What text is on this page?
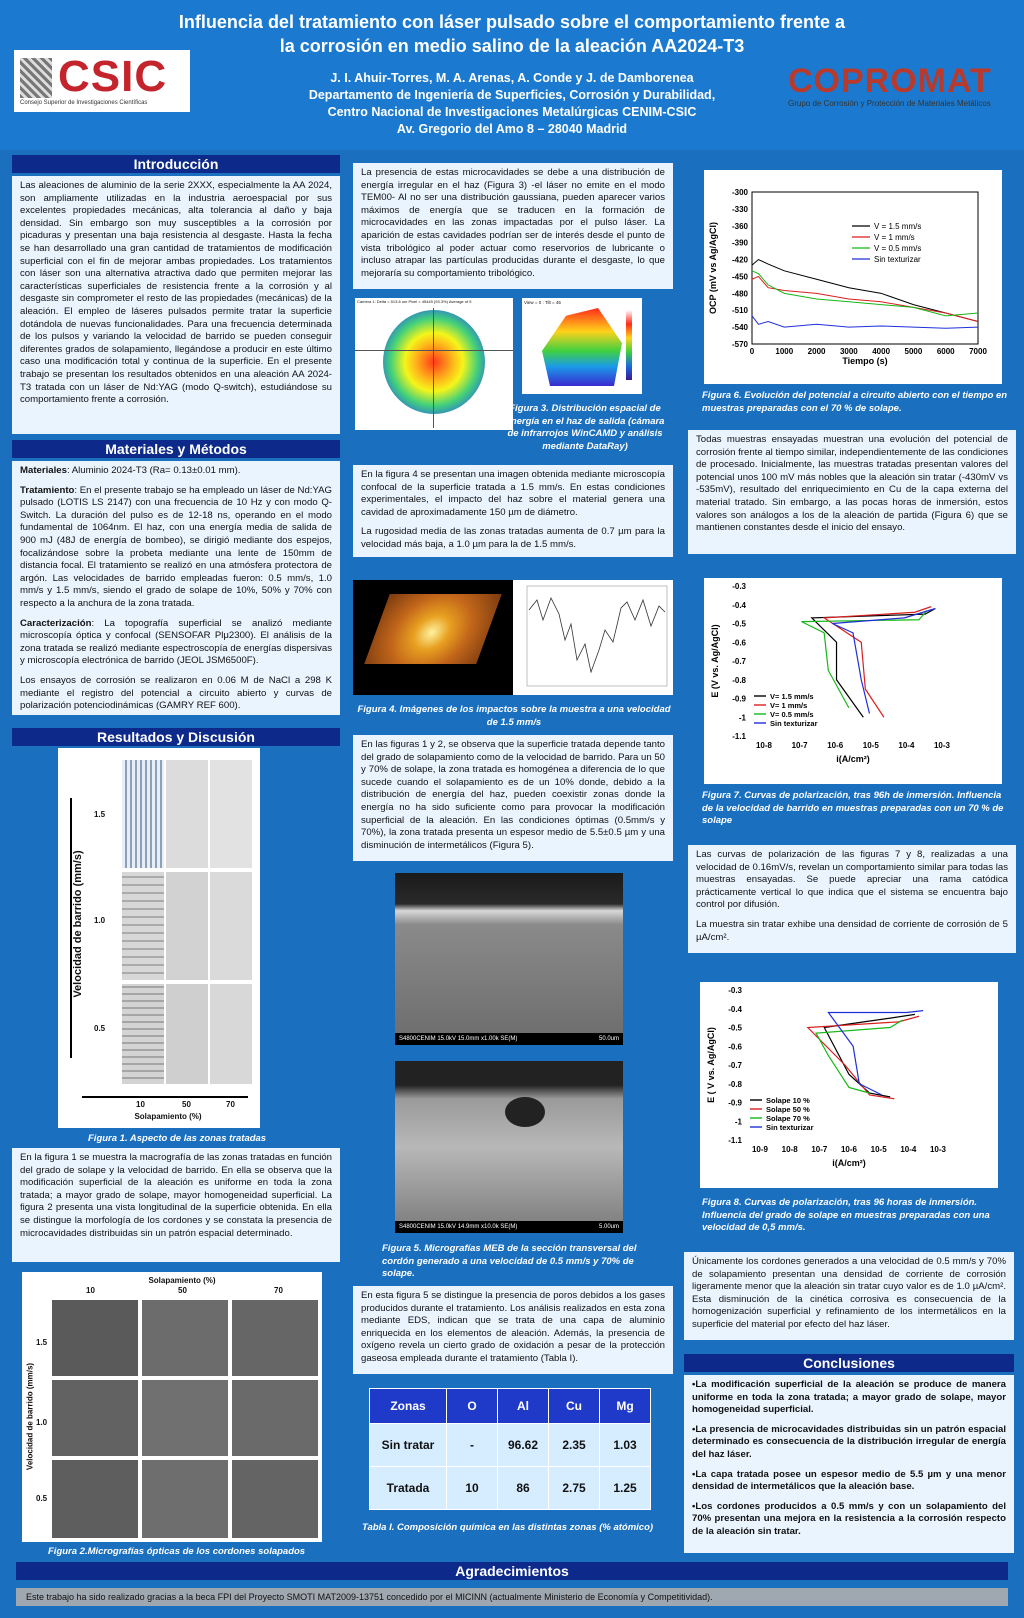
CSIC
Consejo Superior de Investigaciones Científicas
Influencia del tratamiento con láser pulsado sobre el comportamiento frente a
la corrosión en medio salino de la aleación AA2024-T3
J. I. Ahuir-Torres, M. A. Arenas, A. Conde y J. de Damborenea
Departamento de Ingeniería de Superficies, Corrosión y Durabilidad,
Centro Nacional de Investigaciones Metalúrgicas CENIM-CSIC
Av. Gregorio del Amo 8 – 28040 Madrid
COPROMAT
Grupo de Corrosión y Protección de Materiales Metálicos
Introducción

Las aleaciones de aluminio de la serie 2XXX, especialmente la AA 2024, son ampliamente utilizadas en la industria aeroespacial por sus excelentes propiedades mecánicas, alta tolerancia al daño y baja densidad. Sin embargo son muy susceptibles a la corrosión por picaduras y presentan una baja resistencia al desgaste. Hasta la fecha se han desarrollado una gran cantidad de tratamientos de modificación superficial con el fin de mejorar ambas propiedades. Los tratamientos con láser son una alternativa atractiva dado que permiten mejorar las características superficiales de resistencia frente a la corrosión y al desgaste sin comprometer el resto de las propiedades (mecánicas) de la aleación. El empleo de láseres pulsados permite tratar la superficie dotándola de nuevas funcionalidades. Para una frecuencia determinada de los pulsos y variando la velocidad de barrido se pueden conseguir diferentes grados de solapamiento, llegándose a producir en este último caso una modificación total y continua de la superficie. En el presente trabajo se presentan los resultados obtenidos en una aleación AA 2024-T3 tratada con un láser de Nd:YAG (modo Q-switch), estudiándose su comportamiento frente a corrosión.

Materiales y Métodos

Materiales: Aluminio 2024-T3 (Ra= 0.13±0.01 mm).

Tratamiento: En el presente trabajo se ha empleado un láser de Nd:YAG pulsado (LOTIS LS 2147) con una frecuencia de 10 Hz y con modo Q-Switch. La duración del pulso es de 12-18 ns, operando en el modo fundamental de 1064nm. El haz, con una energía media de salida de 900 mJ (48J de energía de bombeo), se dirigió mediante dos espejos, focalizándose sobre la probeta mediante una lente de 150mm de distancia focal. El tratamiento se realizó en una atmósfera protectora de argón. Las velocidades de barrido empleadas fueron: 0.5 mm/s, 1.0 mm/s y 1.5 mm/s, siendo el grado de solape de 10%, 50% y 70% con respecto a la anchura de la zona tratada.

Caracterización: La topografía superficial se analizó mediante microscopía óptica y confocal (SENSOFAR Plμ2300). El análisis de la zona tratada se realizó mediante espectroscopía de energías dispersivas y microscopía electrónica de barrido (JEOL JSM6500F).

Los ensayos de corrosión se realizaron en 0.06 M de NaCl a 298 K mediante el registro del potencial a circuito abierto y curvas de polarización potenciodinámicas (GAMRY REF 600).

Resultados y Discusión
Velocidad de barrido (mm/s)
1.5
1.0
0.5
10	50	70
Solapamiento (%)
Figura 1. Aspecto de las zonas tratadas

En la figura 1 se muestra la macrografía de las zonas tratadas en función del grado de solape y la velocidad de barrido. En ella se observa que la modificación superficial de la aleación es uniforme en toda la zona tratada; a mayor grado de solape, mayor homogeneidad superficial. La figura 2 presenta una vista longitudinal de la superficie obtenida. En ella se distingue la morfología de los cordones y se constata la presencia de microcavidades distribuidas sin un patrón espacial determinado.

Solapamiento (%)
10	50	70
Velocidad de barrido (mm/s)
1.5
1.0
0.5
Figura 2.Micrografías ópticas de los cordones solapados

La presencia de estas microcavidades se debe a una distribución de energía irregular en el haz (Figura 3) -el láser no emite en el modo TEM00- Al no ser una distribución gaussiana, pueden aparecer varios máximos de energía que se traducen en la formación de microcavidades en las zonas impactadas por el pulso láser. La aparición de estas cavidades podrían ser de interés desde el punto de vista tribológico al poder actuar como reservorios de lubricante o incluso atrapar las partículas producidas durante el desgaste, lo que mejoraría su comportamiento tribológico.

Camera 1: Delta = 513.6 um Pixel = 45445 (93.3%) Average of 5	View = 0 : Tilt = 45
Figura 3. Distribución espacial de energía en el haz de salida (cámara de infrarrojos WinCAMD y análisis mediante DataRay)

En la figura 4 se presentan una imagen obtenida mediante microscopía confocal de la superficie tratada a 1.5 mm/s. En estas condiciones experimentales, el impacto del haz sobre el material genera una cavidad de aproximadamente 150 µm de diámetro.

La rugosidad media de las zonas tratadas aumenta de 0.7 µm para la velocidad más baja, a 1.0 µm para la de 1.5 mm/s.

Figura 4. Imágenes de los impactos sobre la muestra a una velocidad de 1.5 mm/s

En las figuras 1 y 2, se observa que la superficie tratada depende tanto del grado de solapamiento como de la velocidad de barrido. Para un 50 y 70% de solape, la zona tratada es homogénea a diferencia de lo que sucede cuando el solapamiento es de un 10% donde, debido a la distribución de energía del haz, pueden coexistir zonas donde la energía no ha sido suficiente como para provocar la modificación superficial de la aleación. En las condiciones óptimas (0.5mm/s y 70%), la zona tratada presenta un espesor medio de 5.5±0.5 µm y una disminución de intermetálicos (Figura 5).

S4800CENIM 15.0kV 15.0mm x1.00k SE(M)	50.0um
S4800CENIM 15.0kV 14.9mm x10.0k SE(M)	5.00um
Figura 5. Micrografías MEB de la sección transversal del cordón generado a una velocidad de 0.5 mm/s y 70% de solape.

En esta figura 5 se distingue la presencia de poros debidos a los gases producidos durante el tratamiento. Los análisis realizados en esta zona mediante EDS, indican que se trata de una capa de aluminio enriquecida en los elementos de aleación. Además, la presencia de oxígeno revela un cierto grado de oxidación a pesar de la protección gaseosa empleada durante el tratamiento (Tabla I).

Zonas	O	Al	Cu	Mg
Sin tratar	-	96.62	2.35	1.03
Tratada	10	86	2.75	1.25
Tabla I. Composición química en las distintas zonas (% atómico)
-300
-330
-360
-390
-420
-450
-480
-510
-540
-570
0	1000 2000 3000 4000 5000 6000 7000
Tiempo (s)
OCP (mV vs Ag/AgCl)	V = 1.5 mm/s
V = 1 mm/s
V = 0.5 mm/s
Sin texturizar
Figura 6. Evolución del potencial a circuito abierto con el tiempo en muestras preparadas con el 70 % de solape.

Todas muestras ensayadas muestran una evolución del potencial de corrosión frente al tiempo similar, independientemente de las condiciones de procesado. Inicialmente, las muestras tratadas presentan valores del potencial unos 100 mV más nobles que la aleación sin tratar (-430mV vs -535mV), resultado del enriquecimiento en Cu de la capa externa del material tratado. Sin embargo, a las pocas horas de inmersión, estos valores son análogos a los de la aleación de partida (Figura 6) que se mantienen constantes desde el inicio del ensayo.

-0.3
-0.4
-0.5
-0.6
-0.7
-0.8
-0.9
-1
-1.1
10-8 10-7 10-6 10-5 10-4 10-3
i(A/cm²)
E (V vs. Ag/AgCl)	V= 1.5 mm/s
V= 1 mm/s
V= 0.5 mm/s
Sin texturizar
Figura 7. Curvas de polarización, tras 96h de inmersión. Influencia de la velocidad de barrido en muestras preparadas con un 70 % de solape

Las curvas de polarización de las figuras 7 y 8, realizadas a una velocidad de 0.16mV/s, revelan un comportamiento similar para todas las muestras ensayadas. Se puede apreciar una rama catódica prácticamente vertical lo que indica que el sistema se encuentra bajo control por difusión.

La muestra sin tratar exhibe una densidad de corriente de corrosión de 5 µA/cm².

-0.3
-0.4
-0.5
-0.6
-0.7
-0.8
-0.9
-1
-1.1
10-9 10-8 10-7 10-6 10-5 10-4 10-3
i(A/cm²)
E ( V vs. Ag/AgCl)	Solape 10 %
Solape 50 %
Solape 70 %
Sin texturizar
Figura 8. Curvas de polarización, tras 96 horas de inmersión. Influencia del grado de solape en muestras preparadas con una velocidad de 0,5 mm/s.

Únicamente los cordones generados a una velocidad de 0.5 mm/s y 70% de solapamiento presentan una densidad de corriente de corrosión ligeramente menor que la aleación sin tratar cuyo valor es de 1.0 µA/cm². Esta disminución de la cinética corrosiva es consecuencia de la homogenización superficial y refinamiento de los intermetálicos en la superficie del material por efecto del haz láser.

Conclusiones

•La modificación superficial de la aleación se produce de manera uniforme en toda la zona tratada; a mayor grado de solape, mayor homogeneidad superficial.

•La presencia de microcavidades distribuidas sin un patrón espacial determinado es consecuencia de la distribución irregular de energía del haz láser.

•La capa tratada posee un espesor medio de 5.5 µm y una menor densidad de intermetálicos que la aleación base.

•Los cordones producidos a 0.5 mm/s y con un solapamiento del 70% presentan una mejora en la resistencia a la corrosión respecto de la aleación sin tratar.

Agradecimientos
Este trabajo ha sido realizado gracias a la beca FPI del Proyecto SMOTI MAT2009-13751 concedido por el MICINN (actualmente Ministerio de Economía y Competitividad).
